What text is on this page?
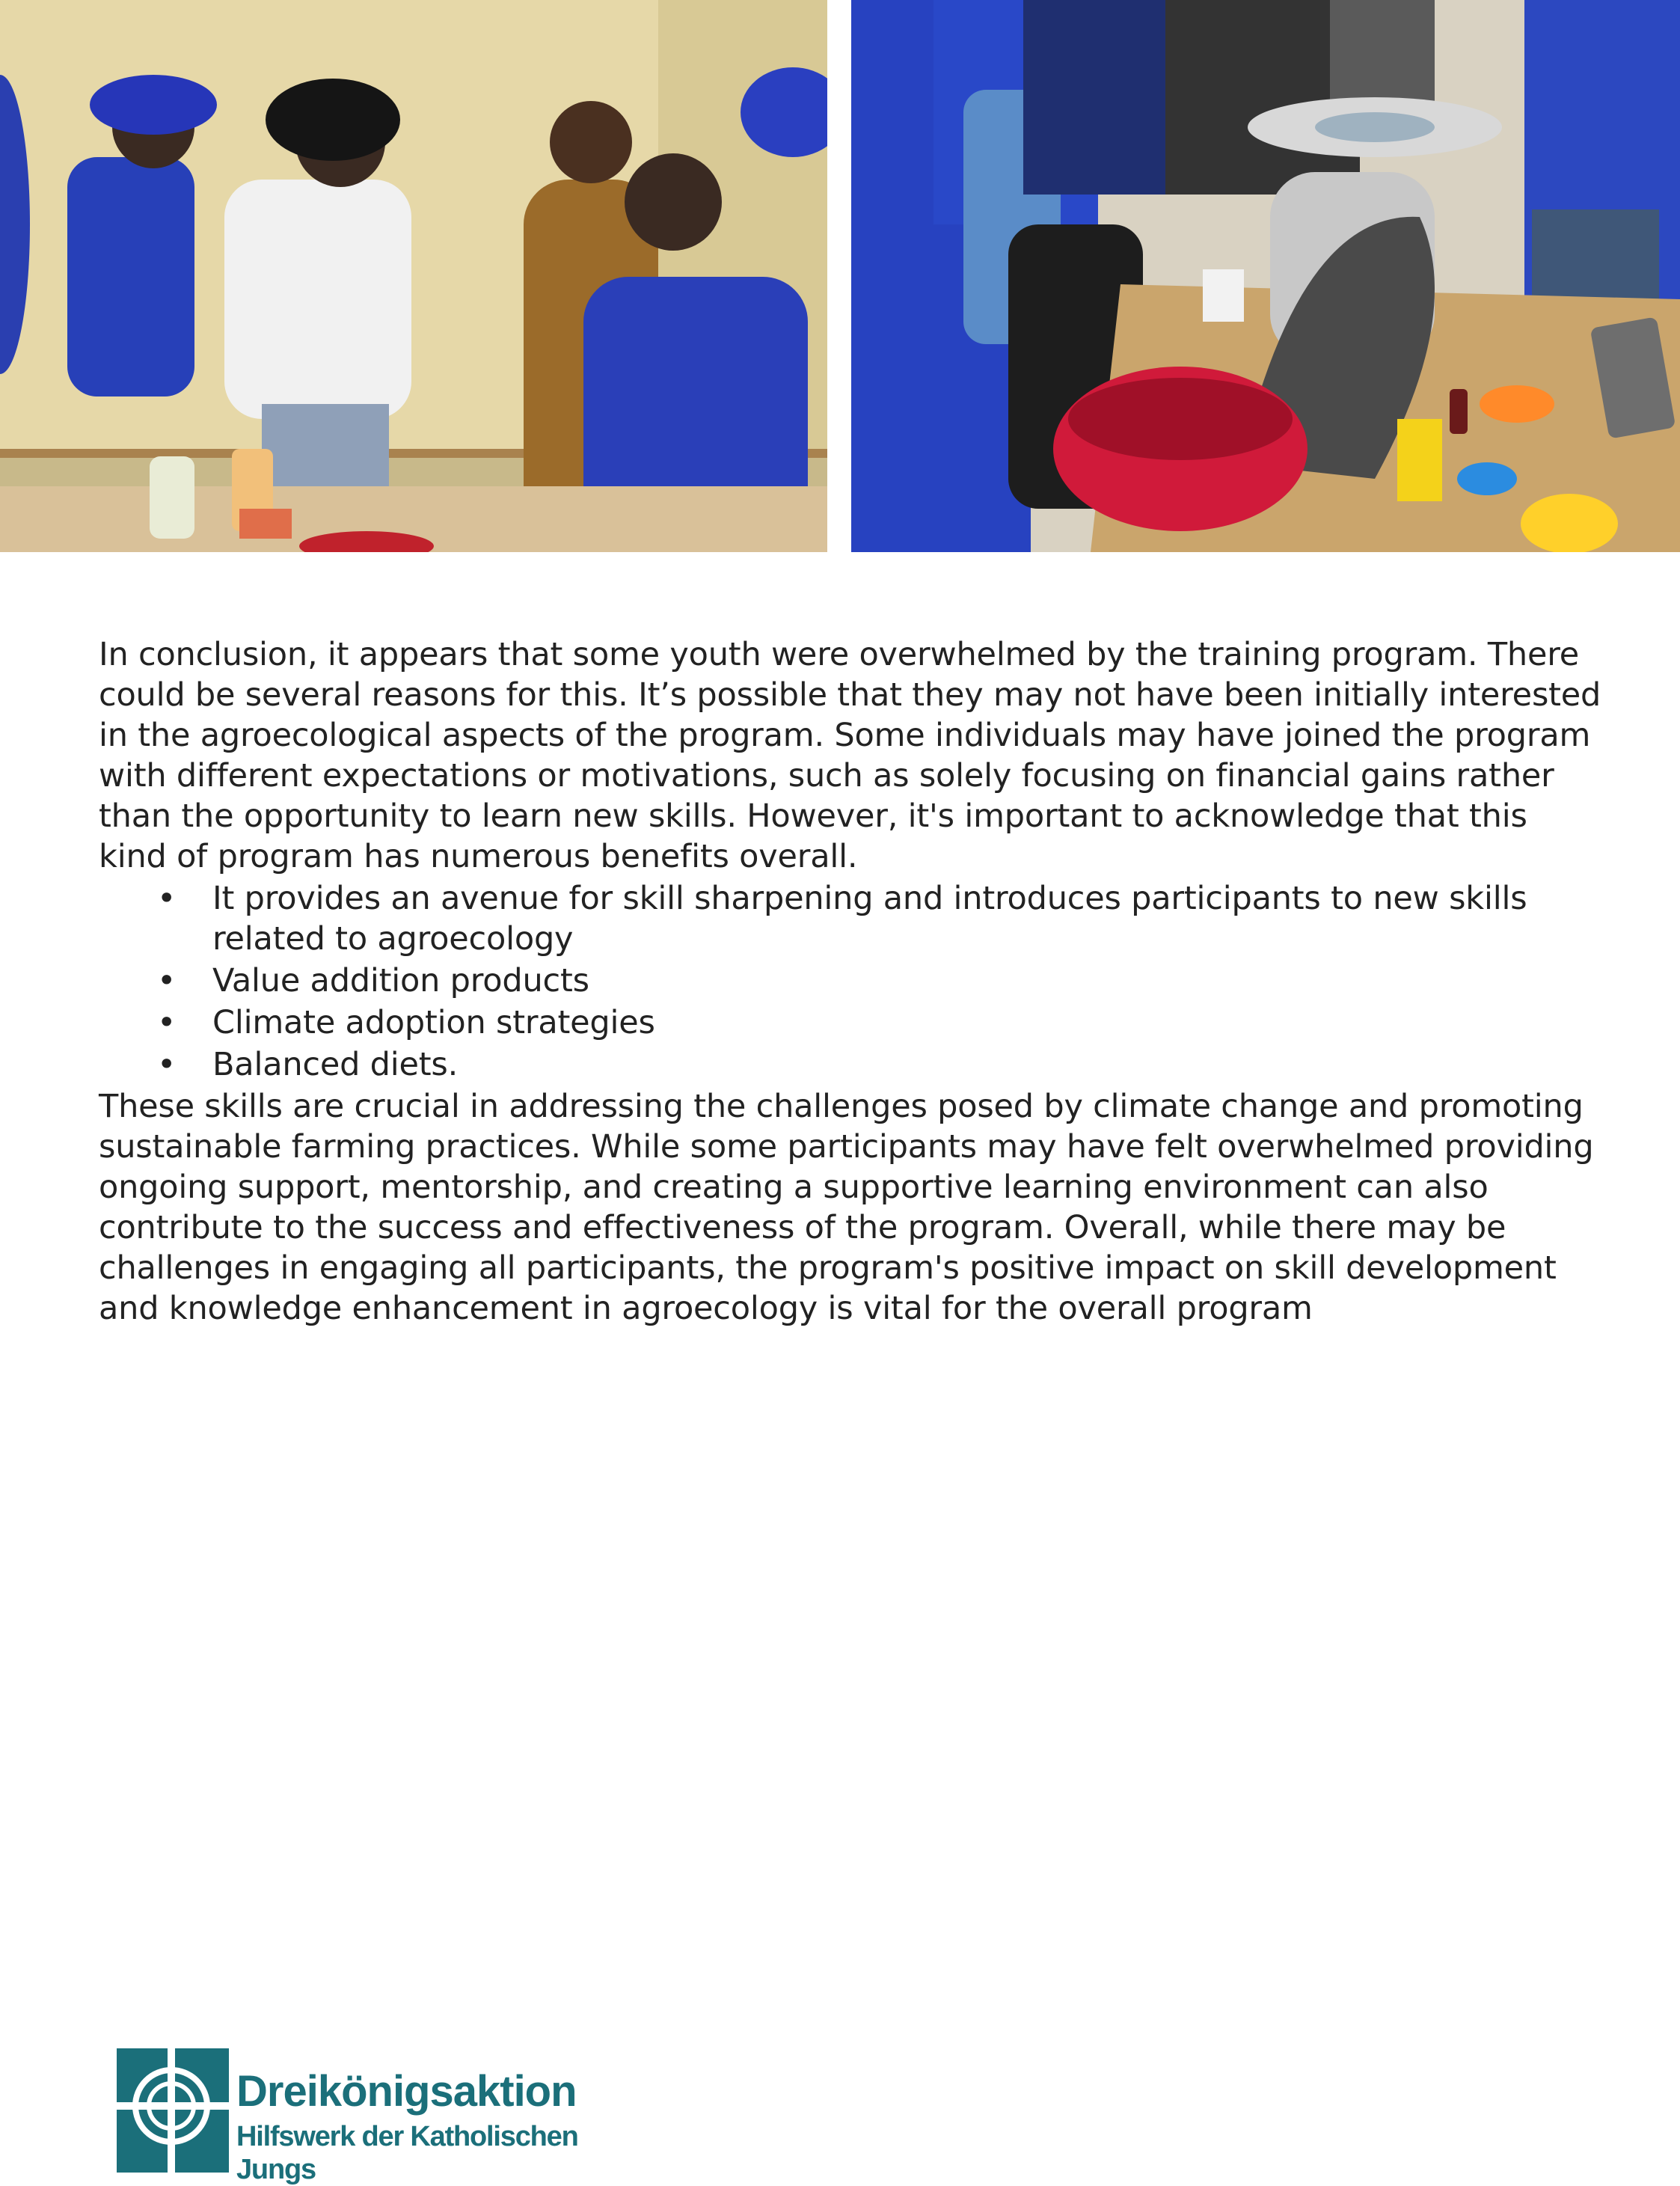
In conclusion, it appears that some youth were overwhelmed by the training program. There could be several reasons for this. It’s possible that they may not have been initially interested in the agroecological aspects of the program. Some individuals may have joined the program with different expectations or motivations, such as solely focusing on financial gains rather than the opportunity to learn new skills. However, it's important to acknowledge that this kind of program has numerous benefits overall.

• It provides an avenue for skill sharpening and introduces participants to new skills related to agroecology
• Value addition products
• Climate adoption strategies
• Balanced diets.

These skills are crucial in addressing the challenges posed by climate change and promoting sustainable farming practices. While some participants may have felt overwhelmed providing ongoing support, mentorship, and creating a supportive learning environment can also contribute to the success and effectiveness of the program. Overall, while there may be challenges in engaging all participants, the program's positive impact on skill development and knowledge enhancement in agroecology is vital for the overall program

Dreikönigsaktion
Hilfswerk der Katholischen Jungs
